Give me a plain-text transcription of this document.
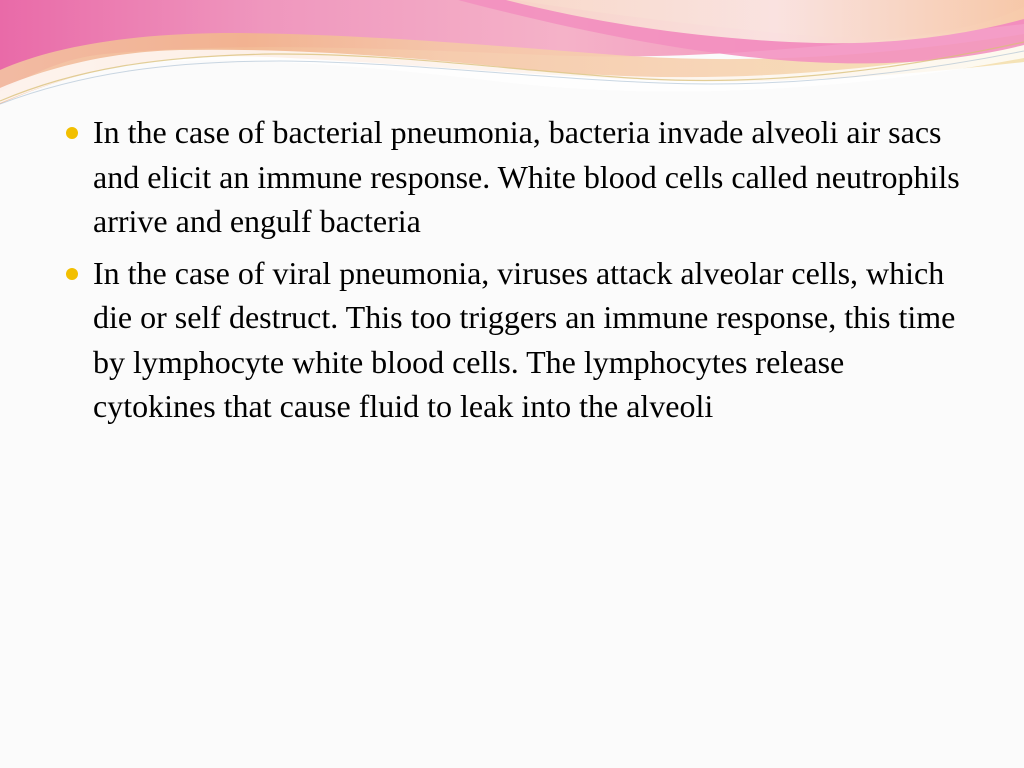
In the case of bacterial pneumonia, bacteria invade alveoli air sacs and elicit an immune response. White blood cells called neutrophils arrive and engulf bacteria
In the case of viral pneumonia, viruses attack alveolar cells, which die or self destruct. This too triggers an immune response, this time by lymphocyte white blood cells. The lymphocytes release cytokines that cause fluid to leak into the alveoli
